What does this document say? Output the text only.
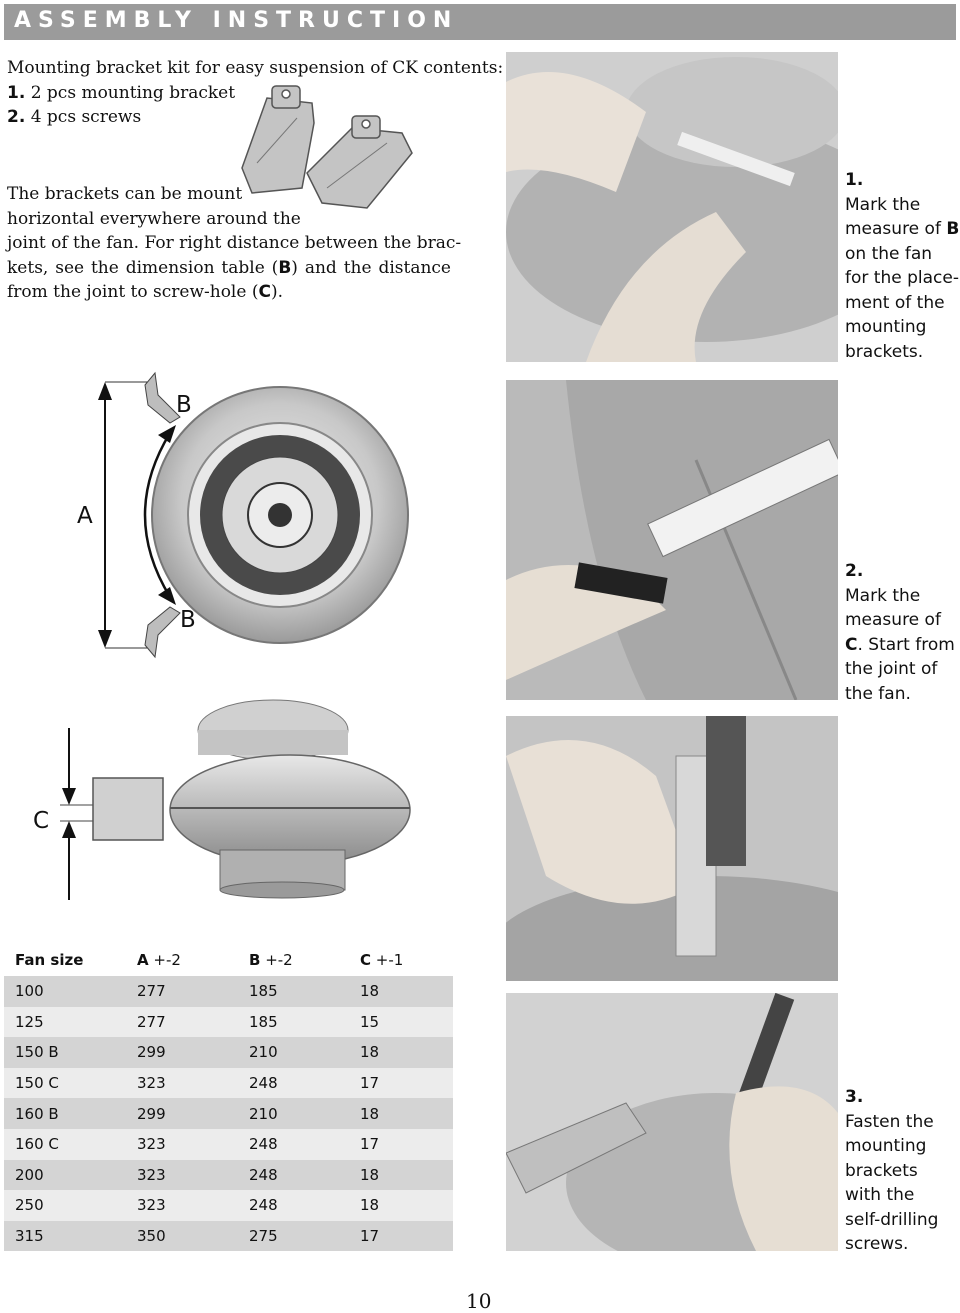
ASSEMBLY INSTRUCTION
Mounting bracket kit for easy suspension of CK contents:
1. 2 pcs mounting bracket
2. 4 pcs screws
The brackets can be mount
horizontal everywhere around the
joint of the fan. For right distance between the brac-
kets, see the dimension table (B) and the distance
from the joint to screw-hole (C).
B
A
B
C
1.
Mark the
measure of B
on the fan
for the place-
ment of the
mounting
brackets.
2.
Mark the
measure of
C. Start from
the joint of
the fan.
3.
Fasten the
mounting
brackets
with the
self-drilling
screws.
Fan size	A +-2	B +-2	C +-1
100	277	185	18
125	277	185	15
150 B	299	210	18
150 C	323	248	17
160 B	299	210	18
160 C	323	248	17
200	323	248	18
250	323	248	18
315	350	275	17
10
